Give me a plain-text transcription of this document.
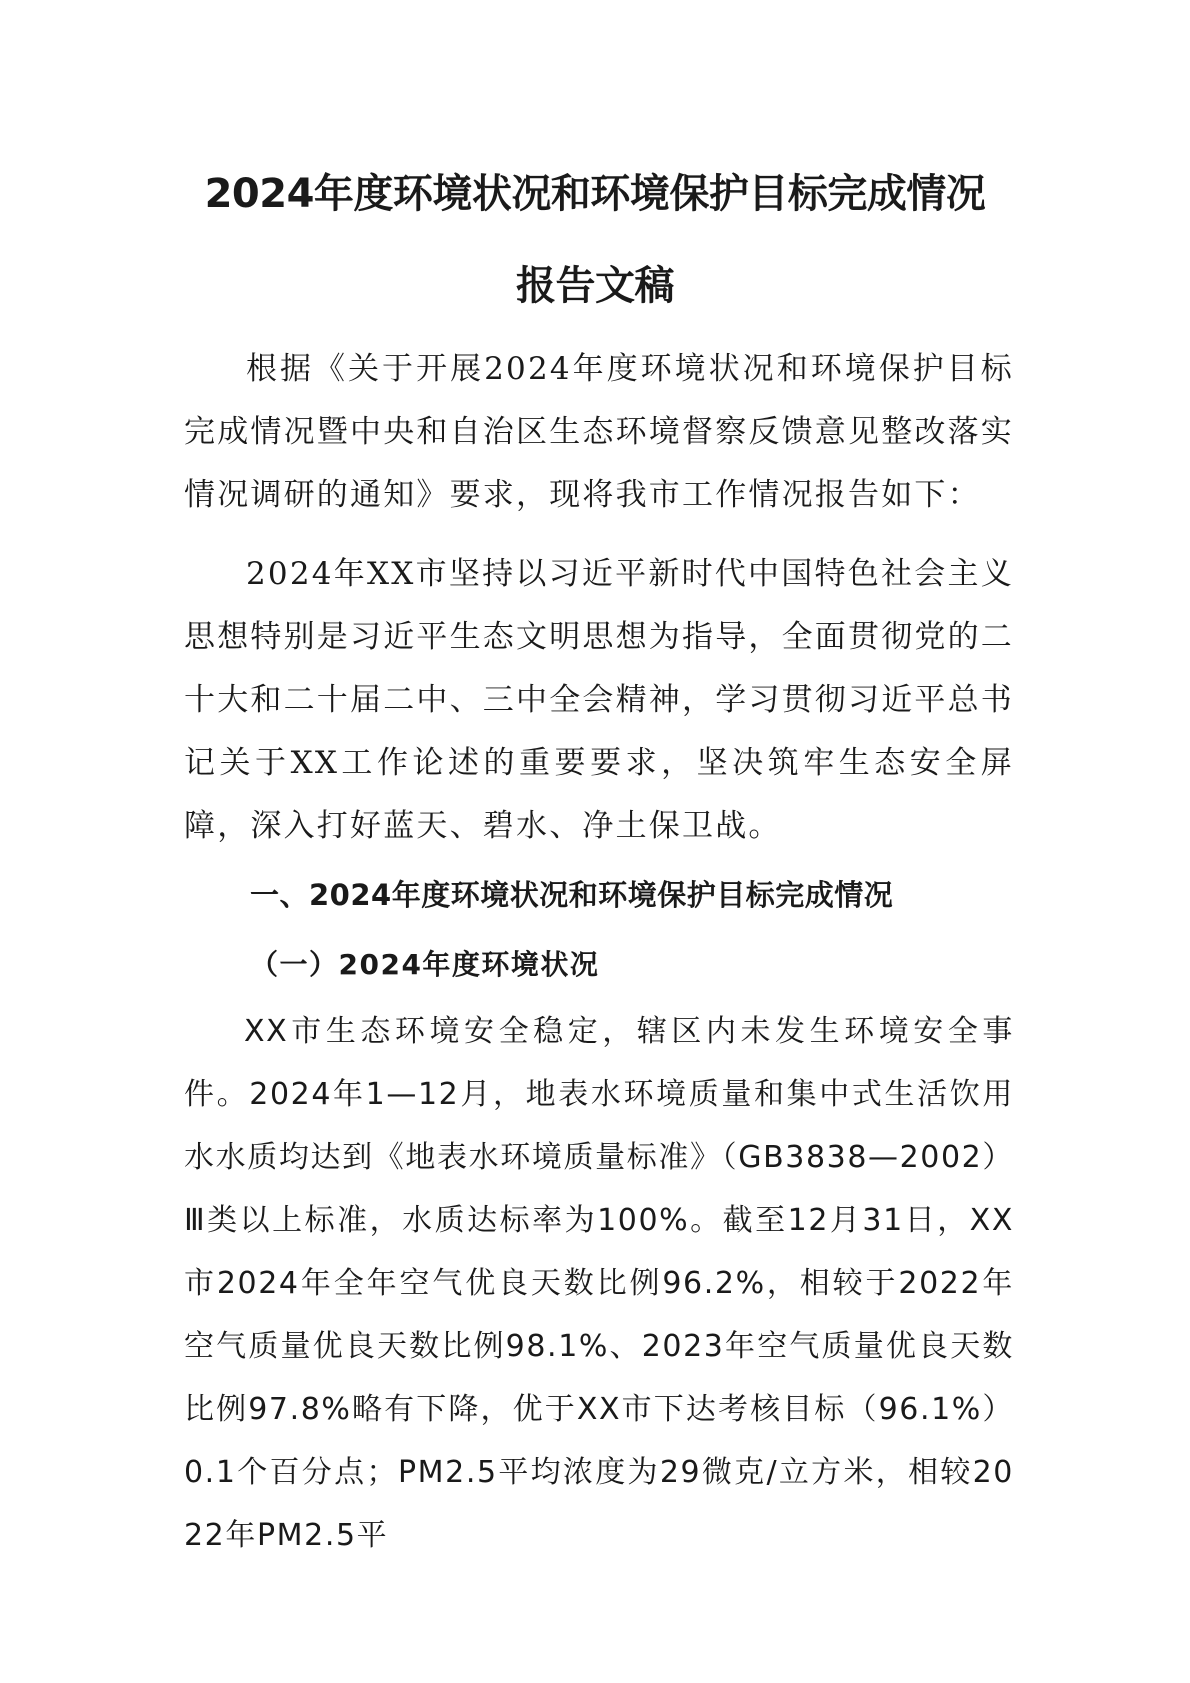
2024年度环境状况和环境保护目标完成情况
报告文稿

根据《关于开展2024年度环境状况和环境保护目标完成情况暨中央和自治区生态环境督察反馈意见整改落实情况调研的通知》要求，现将我市工作情况报告如下：

2024年XX市坚持以习近平新时代中国特色社会主义思想特别是习近平生态文明思想为指导，全面贯彻党的二十大和二十届二中、三中全会精神，学习贯彻习近平总书记关于XX工作论述的重要要求，坚决筑牢生态安全屏障，深入打好蓝天、碧水、净土保卫战。

一、2024年度环境状况和环境保护目标完成情况
（一）2024年度环境状况

XX市生态环境安全稳定，辖区内未发生环境安全事件。2024年1—12月，地表水环境质量和集中式生活饮用水水质均达到《地表水环境质量标准》（GB3838—2002）Ⅲ类以上标准，水质达标率为100%。截至12月31日，XX市2024年全年空气优良天数比例96.2%，相较于2022年空气质量优良天数比例98.1%、2023年空气质量优良天数比例97.8%略有下降，优于XX市下达考核目标（96.1%）0.1个百分点；PM2.5平均浓度为29微克/立方米，相较2022年PM2.5平
